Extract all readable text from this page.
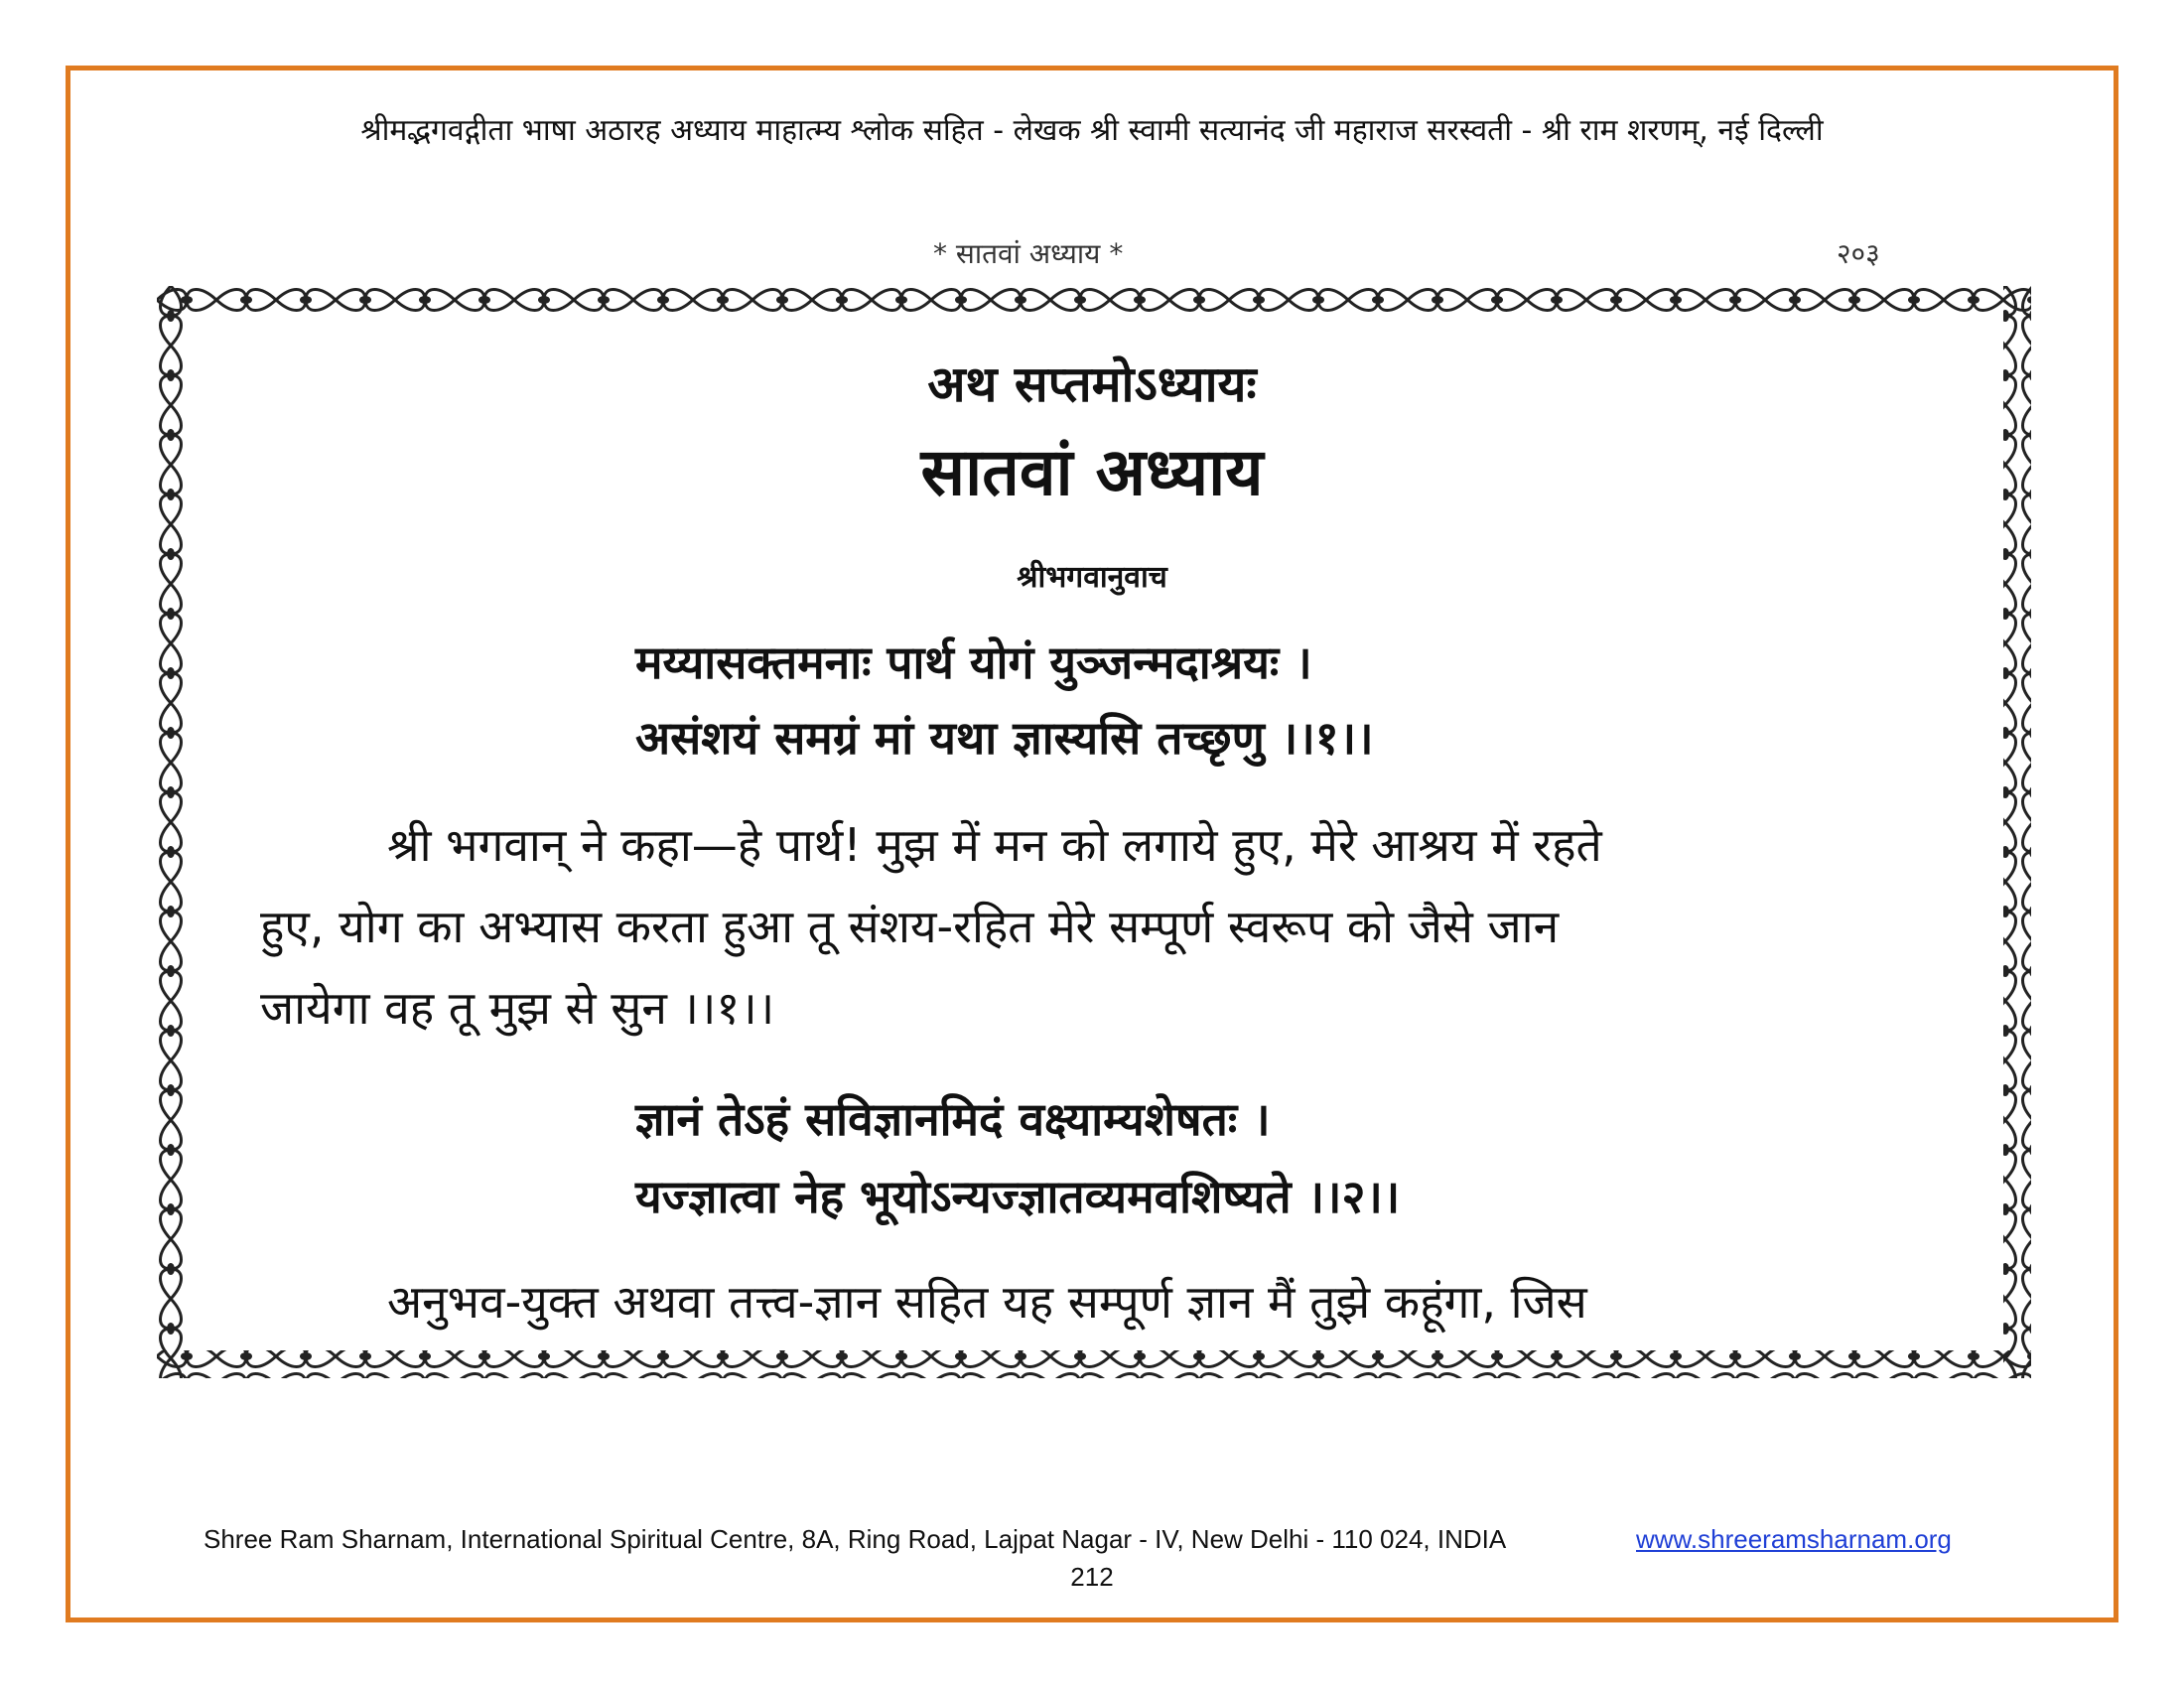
श्रीमद्भगवद्गीता भाषा अठारह अध्याय माहात्म्य श्लोक सहित - लेखक श्री स्वामी सत्यानंद जी महाराज सरस्वती - श्री राम शरणम्, नई दिल्ली
* सातवां अध्याय *	२०३
अथ सप्तमोऽध्यायः
सातवां अध्याय
श्रीभगवानुवाच
मय्यासक्तमनाः पार्थ योगं युञ्जन्मदाश्रयः ।
असंशयं समग्रं मां यथा ज्ञास्यसि तच्छृणु ।।१।।
श्री भगवान् ने कहा—हे पार्थ! मुझ में मन को लगाये हुए, मेरे आश्रय में रहते
हुए, योग का अभ्यास करता हुआ तू संशय-रहित मेरे सम्पूर्ण स्वरूप को जैसे जान
जायेगा वह तू मुझ से सुन ।।१।।
ज्ञानं तेऽहं सविज्ञानमिदं वक्ष्याम्यशेषतः ।
यज्ज्ञात्वा नेह भूयोऽन्यज्ज्ञातव्यमवशिष्यते ।।२।।
अनुभव-युक्त अथवा तत्त्व-ज्ञान सहित यह सम्पूर्ण ज्ञान मैं तुझे कहूंगा, जिस
Shree Ram Sharnam, International Spiritual Centre, 8A, Ring Road, Lajpat Nagar - IV, New Delhi - 110 024, INDIA	www.shreeramsharnam.org
212
